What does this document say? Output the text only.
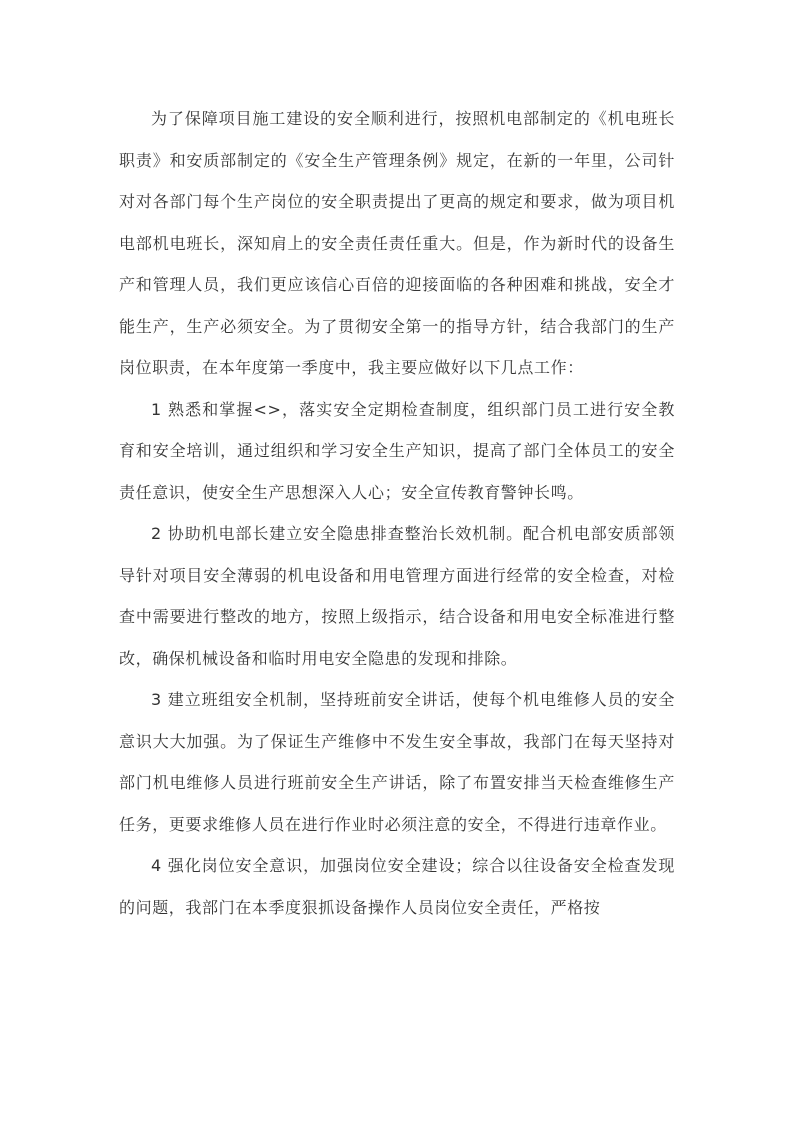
为了保障项目施工建设的安全顺利进行，按照机电部制定的《机电班长职责》和安质部制定的《安全生产管理条例》规定，在新的一年里，公司针对对各部门每个生产岗位的安全职责提出了更高的规定和要求，做为项目机电部机电班长，深知肩上的安全责任责任重大。但是，作为新时代的设备生产和管理人员，我们更应该信心百倍的迎接面临的各种困难和挑战，安全才能生产，生产必须安全。为了贯彻安全第一的指导方针，结合我部门的生产岗位职责，在本年度第一季度中，我主要应做好以下几点工作：

1 熟悉和掌握<>，落实安全定期检查制度，组织部门员工进行安全教育和安全培训，通过组织和学习安全生产知识，提高了部门全体员工的安全责任意识，使安全生产思想深入人心；安全宣传教育警钟长鸣。

2 协助机电部长建立安全隐患排查整治长效机制。配合机电部安质部领导针对项目安全薄弱的机电设备和用电管理方面进行经常的安全检查，对检查中需要进行整改的地方，按照上级指示，结合设备和用电安全标准进行整改，确保机械设备和临时用电安全隐患的发现和排除。

3 建立班组安全机制，坚持班前安全讲话，使每个机电维修人员的安全意识大大加强。为了保证生产维修中不发生安全事故，我部门在每天坚持对部门机电维修人员进行班前安全生产讲话，除了布置安排当天检查维修生产任务，更要求维修人员在进行作业时必须注意的安全，不得进行违章作业。

4 强化岗位安全意识，加强岗位安全建设；综合以往设备安全检查发现的问题，我部门在本季度狠抓设备操作人员岗位安全责任，严格按
